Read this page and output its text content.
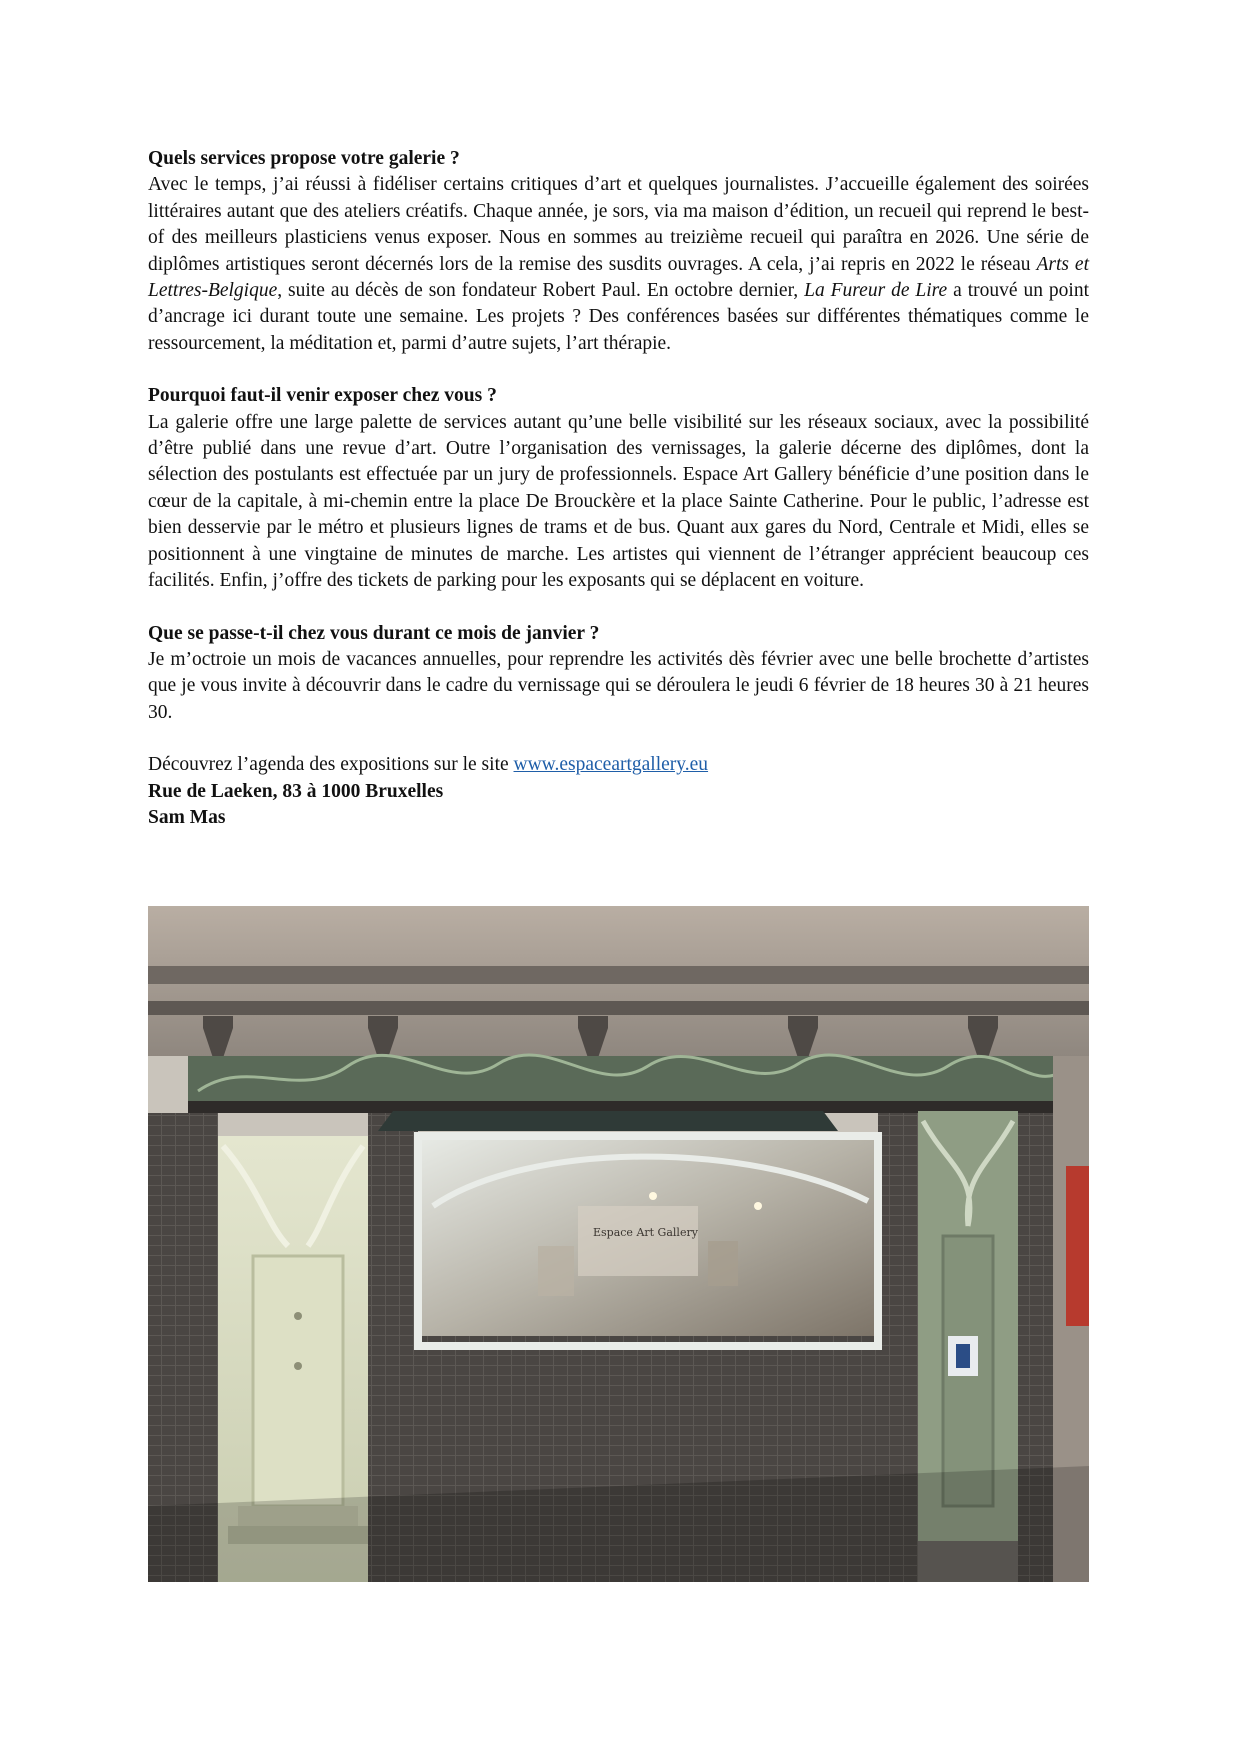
Quels services propose votre galerie ?

Avec le temps, j’ai réussi à fidéliser certains critiques d’art et quelques journalistes. J’accueille également des soirées littéraires autant que des ateliers créatifs. Chaque année, je sors, via ma maison d’édition, un recueil qui reprend le best-of des meilleurs plasticiens venus exposer. Nous en sommes au treizième recueil qui paraîtra en 2026. Une série de diplômes artistiques seront décernés lors de la remise des susdits ouvrages. A cela, j’ai repris en 2022 le réseau Arts et Lettres-Belgique, suite au décès de son fondateur Robert Paul. En octobre dernier, La Fureur de Lire a trouvé un point d’ancrage ici durant toute une semaine. Les projets ? Des conférences basées sur différentes thématiques comme le ressourcement, la méditation et, parmi d’autre sujets, l’art thérapie.

Pourquoi faut-il venir exposer chez vous ?

La galerie offre une large palette de services autant qu’une belle visibilité sur les réseaux sociaux, avec la possibilité d’être publié dans une revue d’art. Outre l’organisation des vernissages, la galerie décerne des diplômes, dont la sélection des postulants est effectuée par un jury de professionnels. Espace Art Gallery bénéficie d’une position dans le cœur de la capitale, à mi-chemin entre la place De Brouckère et la place Sainte Catherine. Pour le public, l’adresse est bien desservie par le métro et plusieurs lignes de trams et de bus. Quant aux gares du Nord, Centrale et Midi, elles se positionnent à une vingtaine de minutes de marche. Les artistes qui viennent de l’étranger apprécient beaucoup ces facilités. Enfin, j’offre des tickets de parking pour les exposants qui se déplacent en voiture.

Que se passe-t-il chez vous durant ce mois de janvier ?

Je m’octroie un mois de vacances annuelles, pour reprendre les activités dès février avec une belle brochette d’artistes que je vous invite à découvrir dans le cadre du vernissage qui se déroulera le jeudi 6 février de 18 heures 30 à 21 heures 30.

Découvrez l’agenda des expositions sur le site www.espaceartgallery.eu

Rue de Laeken, 83 à 1000 Bruxelles

Sam Mas

Espace Art Gallery
